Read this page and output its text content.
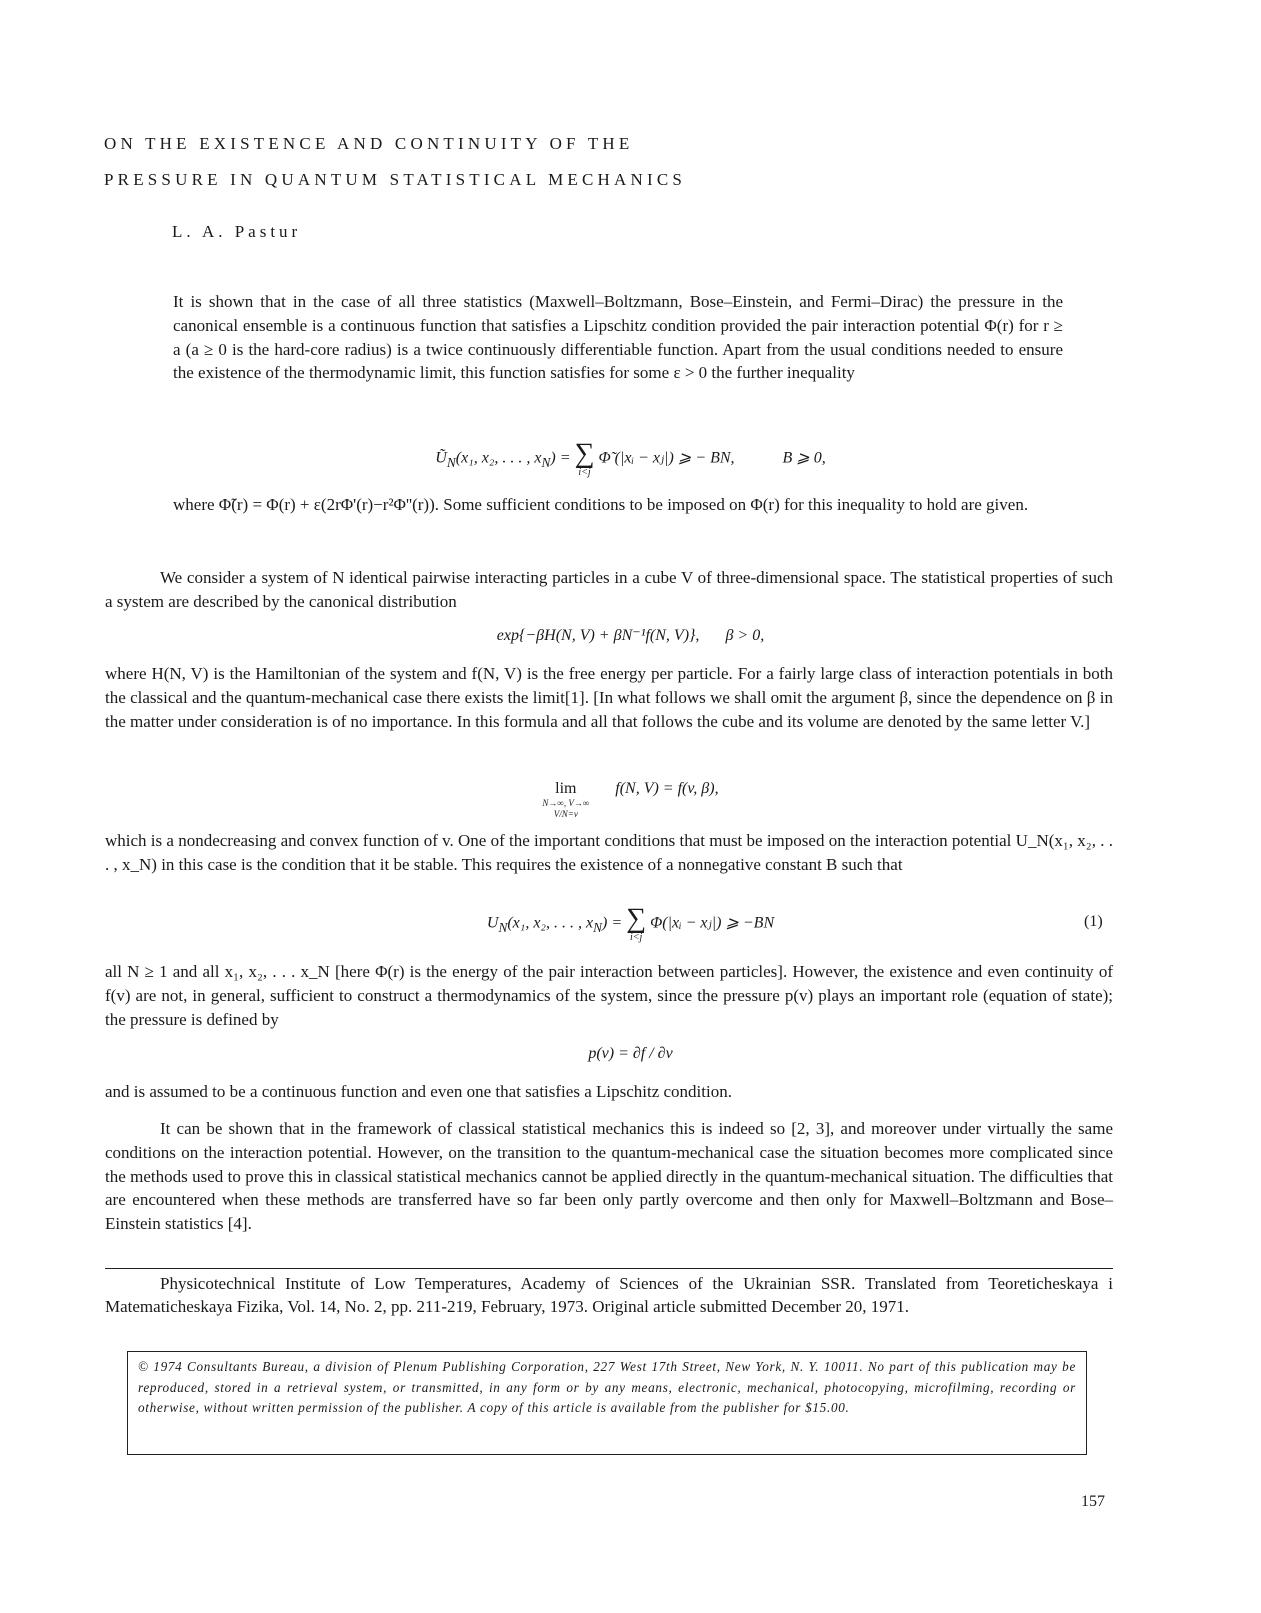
ON THE EXISTENCE AND CONTINUITY OF THE
PRESSURE IN QUANTUM STATISTICAL MECHANICS
L. A. Pastur

It is shown that in the case of all three statistics (Maxwell–Boltzmann, Bose–Einstein, and Fermi–Dirac) the pressure in the canonical ensemble is a continuous function that satisfies a Lipschitz condition provided the pair interaction potential Φ(r) for r ≥ a (a ≥ 0 is the hard-core radius) is a twice continuously differentiable function. Apart from the usual conditions needed to ensure the existence of the thermodynamic limit, this function satisfies for some ε > 0 the further inequality

$Ũ_N(x_1$, x₂, . . . , $x_N$) = ∑
i<j
Φ̃ (|xᵢ − xⱼ|) ⩾ − BN,	B ⩾ 0,

where Φ̃(r) = Φ(r) + ε(2rΦ'(r)−r²Φ''(r)). Some sufficient conditions to be imposed on Φ(r) for this inequality to hold are given.

We consider a system of N identical pairwise interacting particles in a cube V of three-dimensional space. The statistical properties of such a system are described by the canonical distribution

exp{−βH(N, V) + βN⁻¹f(N, V)}, β > 0,

where H(N, V) is the Hamiltonian of the system and f(N, V) is the free energy per particle. For a fairly large class of interaction potentials in both the classical and the quantum-mechanical case there exists the limit[1]. [In what follows we shall omit the argument β, since the dependence on β in the matter under consideration is of no importance. In this formula and all that follows the cube and its volume are denoted by the same letter V.]

lim
N→∞, V→∞
V/N=v
f(N, V) = f(v, β),

which is a nondecreasing and convex function of v. One of the important conditions that must be imposed on the interaction potential U_N(x₁, x₂, . . . , x_N) in this case is the condition that it be stable. This requires the existence of a nonnegative constant B such that

$U_N(x_1$, x₂, . . . , $x_N$) = ∑
i<j
Φ(|xᵢ − xⱼ|) ⩾ −BN	(1)

all N ≥ 1 and all x₁, x₂, . . . x_N [here Φ(r) is the energy of the pair interaction between particles]. However, the existence and even continuity of f(v) are not, in general, sufficient to construct a thermodynamics of the system, since the pressure p(v) plays an important role (equation of state); the pressure is defined by

p(v) = ∂f / ∂v

and is assumed to be a continuous function and even one that satisfies a Lipschitz condition.

It can be shown that in the framework of classical statistical mechanics this is indeed so [2, 3], and moreover under virtually the same conditions on the interaction potential. However, on the transition to the quantum-mechanical case the situation becomes more complicated since the methods used to prove this in classical statistical mechanics cannot be applied directly in the quantum-mechanical situation. The difficulties that are encountered when these methods are transferred have so far been only partly overcome and then only for Maxwell–Boltzmann and Bose–Einstein statistics [4].

Physicotechnical Institute of Low Temperatures, Academy of Sciences of the Ukrainian SSR. Translated from Teoreticheskaya i Matematicheskaya Fizika, Vol. 14, No. 2, pp. 211-219, February, 1973. Original article submitted December 20, 1971.

© 1974 Consultants Bureau, a division of Plenum Publishing Corporation, 227 West 17th Street, New York, N. Y. 10011. No part of this publication may be reproduced, stored in a retrieval system, or transmitted, in any form or by any means, electronic, mechanical, photocopying, microfilming, recording or otherwise, without written permission of the publisher. A copy of this article is available from the publisher for $15.00.
157
